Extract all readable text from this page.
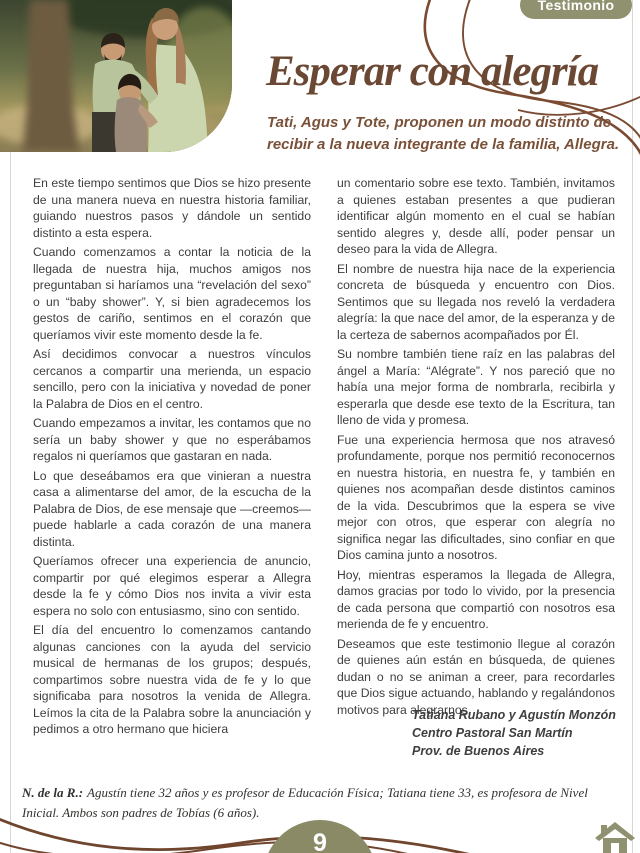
Testimonio
Esperar con alegría

Tati, Agus y Tote, proponen un modo distinto de recibir a la nueva integrante de la familia, Allegra.

En este tiempo sentimos que Dios se hizo presente de una manera nueva en nuestra historia familiar, guiando nuestros pasos y dándole un sentido distinto a esta espera.

Cuando comenzamos a contar la noticia de la llegada de nuestra hija, muchos amigos nos preguntaban si haríamos una “revelación del sexo” o un “baby shower”. Y, si bien agradecemos los gestos de cariño, sentimos en el corazón que queríamos vivir este momento desde la fe.

Así decidimos convocar a nuestros vínculos cercanos a compartir una merienda, un espacio sencillo, pero con la iniciativa y novedad de poner la Palabra de Dios en el centro.

Cuando empezamos a invitar, les contamos que no sería un baby shower y que no esperábamos regalos ni queríamos que gastaran en nada.

Lo que deseábamos era que vinieran a nuestra casa a alimentarse del amor, de la escucha de la Palabra de Dios, de ese mensaje que —creemos— puede hablarle a cada corazón de una manera distinta.

Queríamos ofrecer una experiencia de anuncio, compartir por qué elegimos esperar a Allegra desde la fe y cómo Dios nos invita a vivir esta espera no solo con entusiasmo, sino con sentido.

El día del encuentro lo comenzamos cantando algunas canciones con la ayuda del servicio musical de hermanas de los grupos; después, compartimos sobre nuestra vida de fe y lo que significaba para nosotros la venida de Allegra. Leímos la cita de la Palabra sobre la anunciación y pedimos a otro hermano que hiciera

un comentario sobre ese texto. También, invitamos a quienes estaban presentes a que pudieran identificar algún momento en el cual se habían sentido alegres y, desde allí, poder pensar un deseo para la vida de Allegra.

El nombre de nuestra hija nace de la experiencia concreta de búsqueda y encuentro con Dios. Sentimos que su llegada nos reveló la verdadera alegría: la que nace del amor, de la esperanza y de la certeza de sabernos acompañados por Él.

Su nombre también tiene raíz en las palabras del ángel a María: “Alégrate”. Y nos pareció que no había una mejor forma de nombrarla, recibirla y esperarla que desde ese texto de la Escritura, tan lleno de vida y promesa.

Fue una experiencia hermosa que nos atravesó profundamente, porque nos permitió reconocernos en nuestra historia, en nuestra fe, y también en quienes nos acompañan desde distintos caminos de la vida. Descubrimos que la espera se vive mejor con otros, que esperar con alegría no significa negar las dificultades, sino confiar en que Dios camina junto a nosotros.

Hoy, mientras esperamos la llegada de Allegra, damos gracias por todo lo vivido, por la presencia de cada persona que compartió con nosotros esa merienda de fe y encuentro.

Deseamos que este testimonio llegue al corazón de quienes aún están en búsqueda, de quienes dudan o no se animan a creer, para recordarles que Dios sigue actuando, hablando y regalándonos motivos para alegrarnos.

Tatiana Rubano y Agustín Monzón
Centro Pastoral San Martín
Prov. de Buenos Aires

N. de la R.: Agustín tiene 32 años y es profesor de Educación Física; Tatiana tiene 33, es profesora de Nivel Inicial. Ambos son padres de Tobías (6 años).

9
